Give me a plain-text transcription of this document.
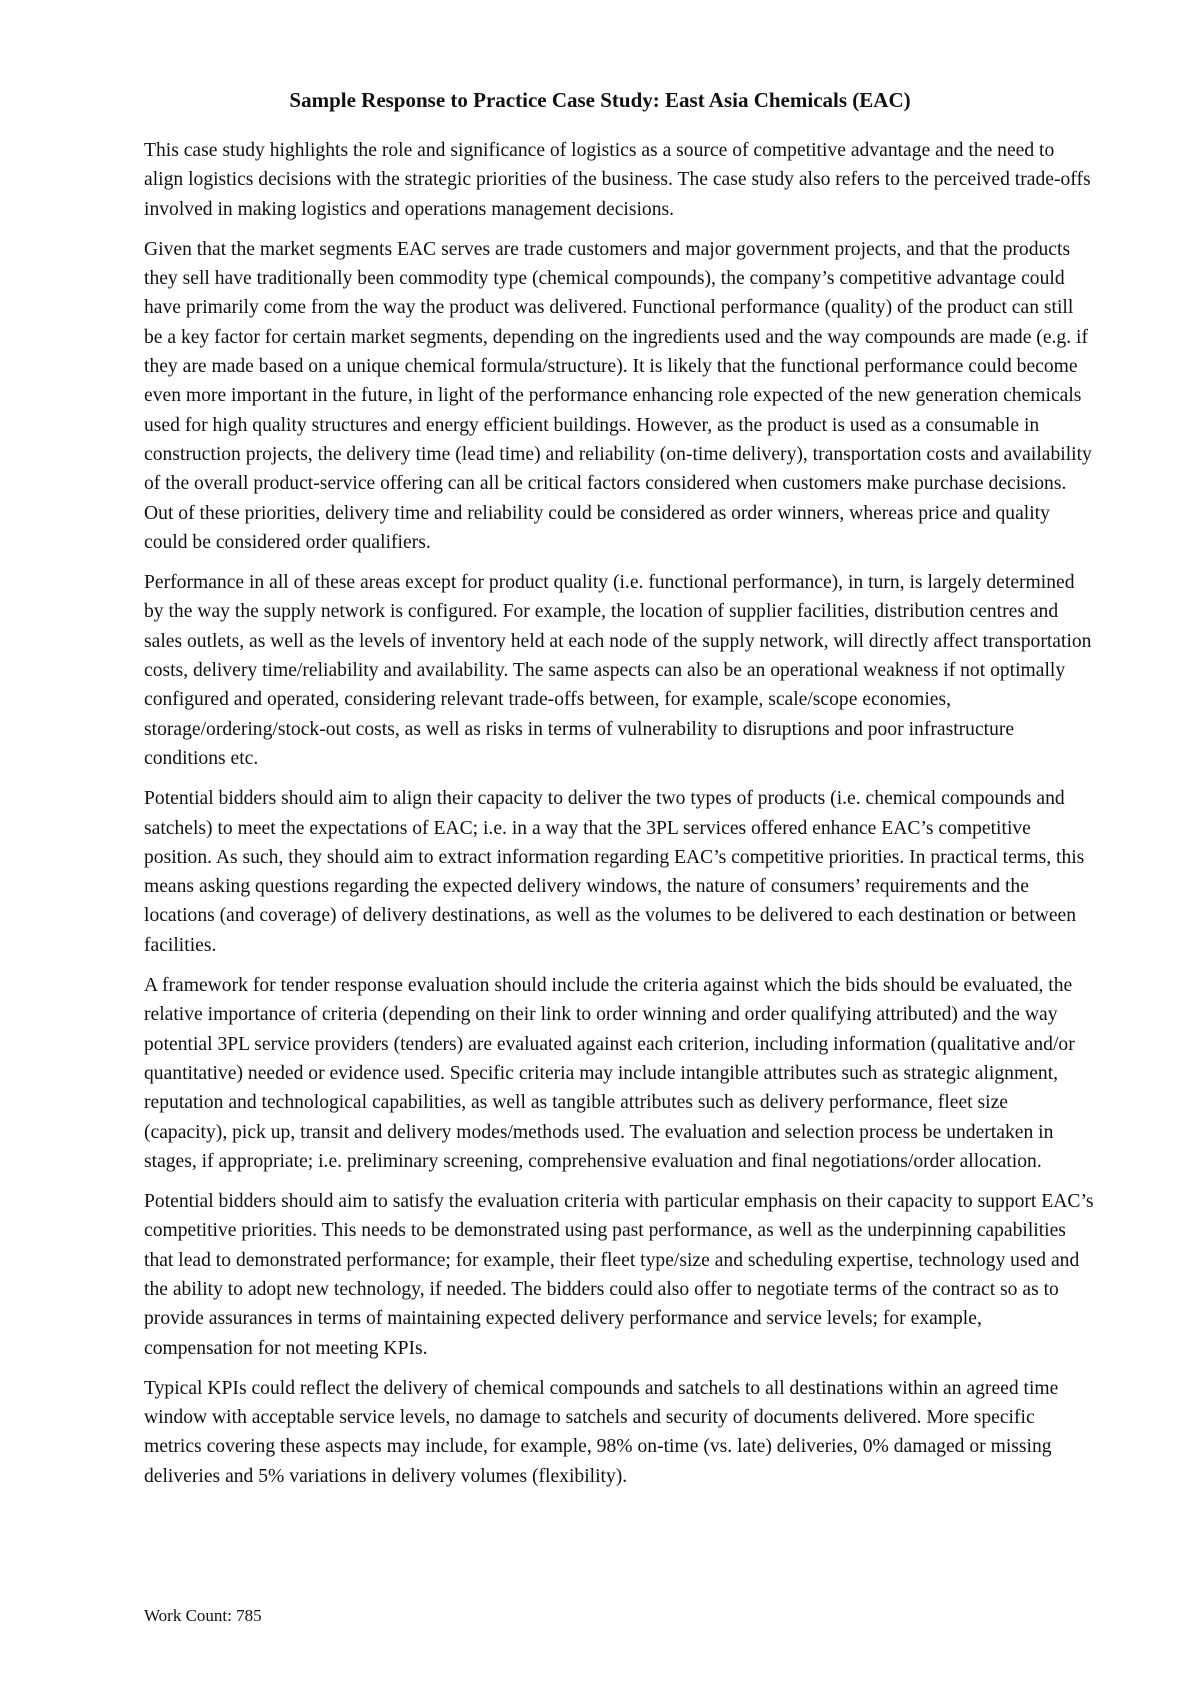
Sample Response to Practice Case Study: East Asia Chemicals (EAC)

This case study highlights the role and significance of logistics as a source of competitive advantage and the need to align logistics decisions with the strategic priorities of the business. The case study also refers to the perceived trade-offs involved in making logistics and operations management decisions.

Given that the market segments EAC serves are trade customers and major government projects, and that the products they sell have traditionally been commodity type (chemical compounds), the company’s competitive advantage could have primarily come from the way the product was delivered. Functional performance (quality) of the product can still be a key factor for certain market segments, depending on the ingredients used and the way compounds are made (e.g. if they are made based on a unique chemical formula/structure). It is likely that the functional performance could become even more important in the future, in light of the performance enhancing role expected of the new generation chemicals used for high quality structures and energy efficient buildings. However, as the product is used as a consumable in construction projects, the delivery time (lead time) and reliability (on-time delivery), transportation costs and availability of the overall product-service offering can all be critical factors considered when customers make purchase decisions. Out of these priorities, delivery time and reliability could be considered as order winners, whereas price and quality could be considered order qualifiers.

Performance in all of these areas except for product quality (i.e. functional performance), in turn, is largely determined by the way the supply network is configured. For example, the location of supplier facilities, distribution centres and sales outlets, as well as the levels of inventory held at each node of the supply network, will directly affect transportation costs, delivery time/reliability and availability. The same aspects can also be an operational weakness if not optimally configured and operated, considering relevant trade-offs between, for example, scale/scope economies, storage/ordering/stock-out costs, as well as risks in terms of vulnerability to disruptions and poor infrastructure conditions etc.

Potential bidders should aim to align their capacity to deliver the two types of products (i.e. chemical compounds and satchels) to meet the expectations of EAC; i.e. in a way that the 3PL services offered enhance EAC’s competitive position. As such, they should aim to extract information regarding EAC’s competitive priorities. In practical terms, this means asking questions regarding the expected delivery windows, the nature of consumers’ requirements and the locations (and coverage) of delivery destinations, as well as the volumes to be delivered to each destination or between facilities.

A framework for tender response evaluation should include the criteria against which the bids should be evaluated, the relative importance of criteria (depending on their link to order winning and order qualifying attributed) and the way potential 3PL service providers (tenders) are evaluated against each criterion, including information (qualitative and/or quantitative) needed or evidence used. Specific criteria may include intangible attributes such as strategic alignment, reputation and technological capabilities, as well as tangible attributes such as delivery performance, fleet size (capacity), pick up, transit and delivery modes/methods used. The evaluation and selection process be undertaken in stages, if appropriate; i.e. preliminary screening, comprehensive evaluation and final negotiations/order allocation.

Potential bidders should aim to satisfy the evaluation criteria with particular emphasis on their capacity to support EAC’s competitive priorities. This needs to be demonstrated using past performance, as well as the underpinning capabilities that lead to demonstrated performance; for example, their fleet type/size and scheduling expertise, technology used and the ability to adopt new technology, if needed. The bidders could also offer to negotiate terms of the contract so as to provide assurances in terms of maintaining expected delivery performance and service levels; for example, compensation for not meeting KPIs.

Typical KPIs could reflect the delivery of chemical compounds and satchels to all destinations within an agreed time window with acceptable service levels, no damage to satchels and security of documents delivered. More specific metrics covering these aspects may include, for example, 98% on-time (vs. late) deliveries, 0% damaged or missing deliveries and 5% variations in delivery volumes (flexibility).

Work Count: 785
